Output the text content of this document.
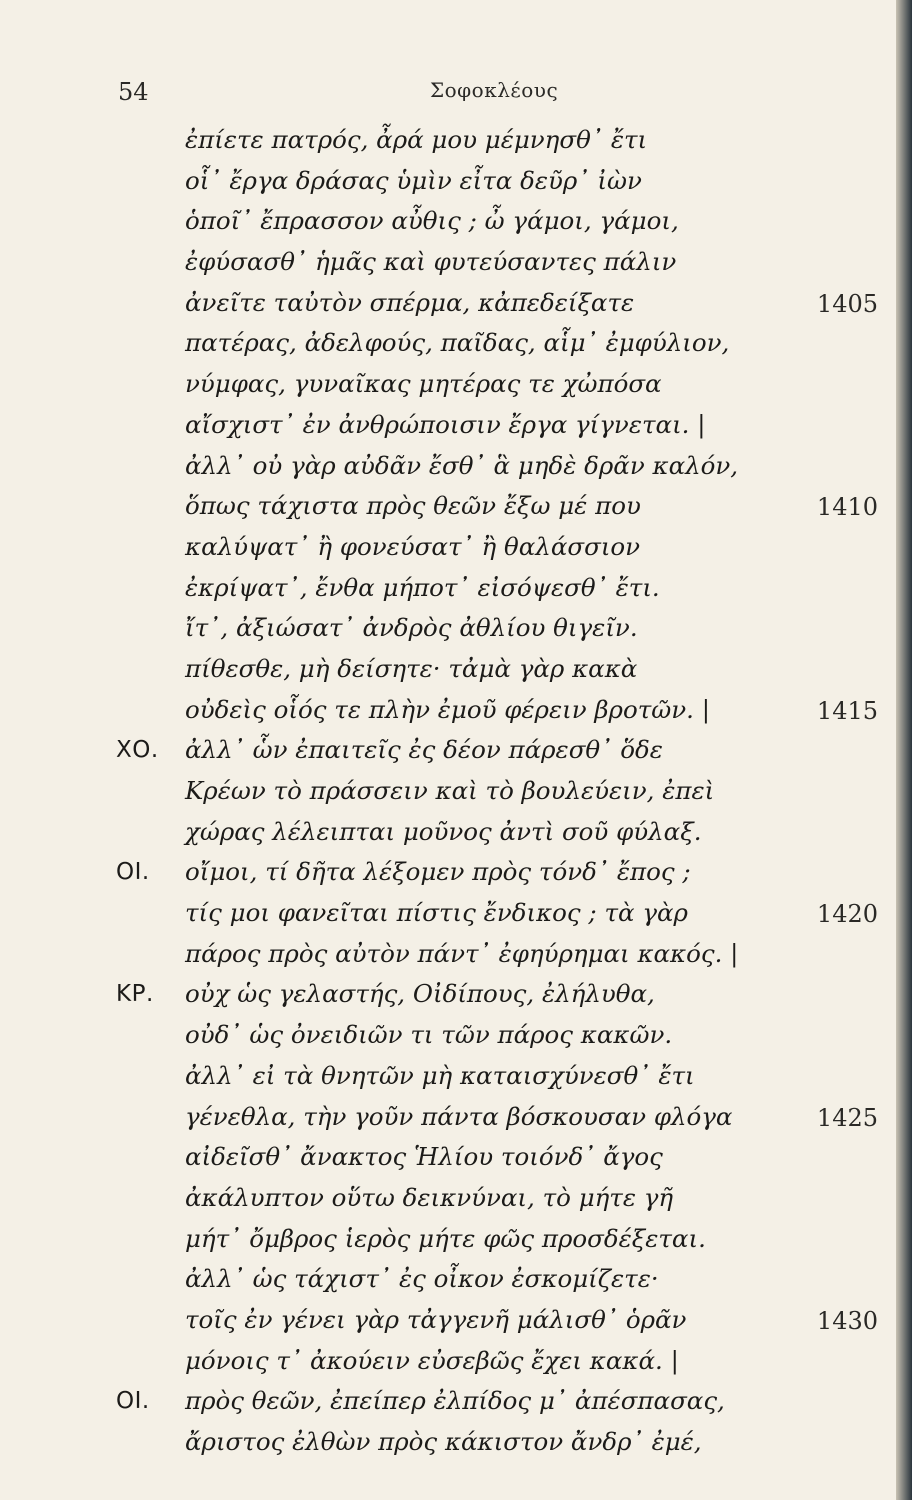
54	Σοφοκλέους
ἐπίετε πατρός, ἆρά μου μέμνησθ᾽ ἔτι
οἷ᾽ ἔργα δράσας ὑμὶν εἶτα δεῦρ᾽ ἰὼν
ὁποῖ᾽ ἔπρασσον αὖθις ; ὦ γάμοι, γάμοι,
ἐφύσασθ᾽ ἡμᾶς καὶ φυτεύσαντες πάλιν
ἀνεῖτε ταὐτὸν σπέρμα, κἀπεδείξατε	1405
πατέρας, ἀδελφούς, παῖδας, αἷμ᾽ ἐμφύλιον,
νύμφας, γυναῖκας μητέρας τε χὠπόσα
αἴσχιστ᾽ ἐν ἀνθρώποισιν ἔργα γίγνεται. |
ἀλλ᾽ οὐ γὰρ αὐδᾶν ἔσθ᾽ ἃ μηδὲ δρᾶν καλόν,
ὅπως τάχιστα πρὸς θεῶν ἔξω μέ που	1410
καλύψατ᾽ ἢ φονεύσατ᾽ ἢ θαλάσσιον
ἐκρίψατ᾽, ἔνθα μήποτ᾽ εἰσόψεσθ᾽ ἔτι.
ἴτ᾽, ἀξιώσατ᾽ ἀνδρὸς ἀθλίου θιγεῖν.
πίθεσθε, μὴ δείσητε· τἀμὰ γὰρ κακὰ
οὐδεὶς οἷός τε πλὴν ἐμοῦ φέρειν βροτῶν. |	1415
ΧΟ. ἀλλ᾽ ὧν ἐπαιτεῖς ἐς δέον πάρεσθ᾽ ὅδε
Κρέων τὸ πράσσειν καὶ τὸ βουλεύειν, ἐπεὶ
χώρας λέλειπται μοῦνος ἀντὶ σοῦ φύλαξ.
ΟΙ. οἴμοι, τί δῆτα λέξομεν πρὸς τόνδ᾽ ἔπος ;
τίς μοι φανεῖται πίστις ἔνδικος ; τὰ γὰρ	1420
πάρος πρὸς αὐτὸν πάντ᾽ ἐφηύρημαι κακός. |
ΚΡ. οὐχ ὡς γελαστής, Οἰδίπους, ἐλήλυθα,
οὐδ᾽ ὡς ὀνειδιῶν τι τῶν πάρος κακῶν.
ἀλλ᾽ εἰ τὰ θνητῶν μὴ καταισχύνεσθ᾽ ἔτι
γένεθλα, τὴν γοῦν πάντα βόσκουσαν φλόγα	1425
αἰδεῖσθ᾽ ἄνακτος Ἡλίου τοιόνδ᾽ ἄγος
ἀκάλυπτον οὕτω δεικνύναι, τὸ μήτε γῆ
μήτ᾽ ὄμβρος ἱερὸς μήτε φῶς προσδέξεται.
ἀλλ᾽ ὡς τάχιστ᾽ ἐς οἶκον ἐσκομίζετε·
τοῖς ἐν γένει γὰρ τἀγγενῆ μάλισθ᾽ ὁρᾶν	1430
μόνοις τ᾽ ἀκούειν εὐσεβῶς ἔχει κακά. |
ΟΙ. πρὸς θεῶν, ἐπείπερ ἐλπίδος μ᾽ ἀπέσπασας,
ἄριστος ἐλθὼν πρὸς κάκιστον ἄνδρ᾽ ἐμέ,
